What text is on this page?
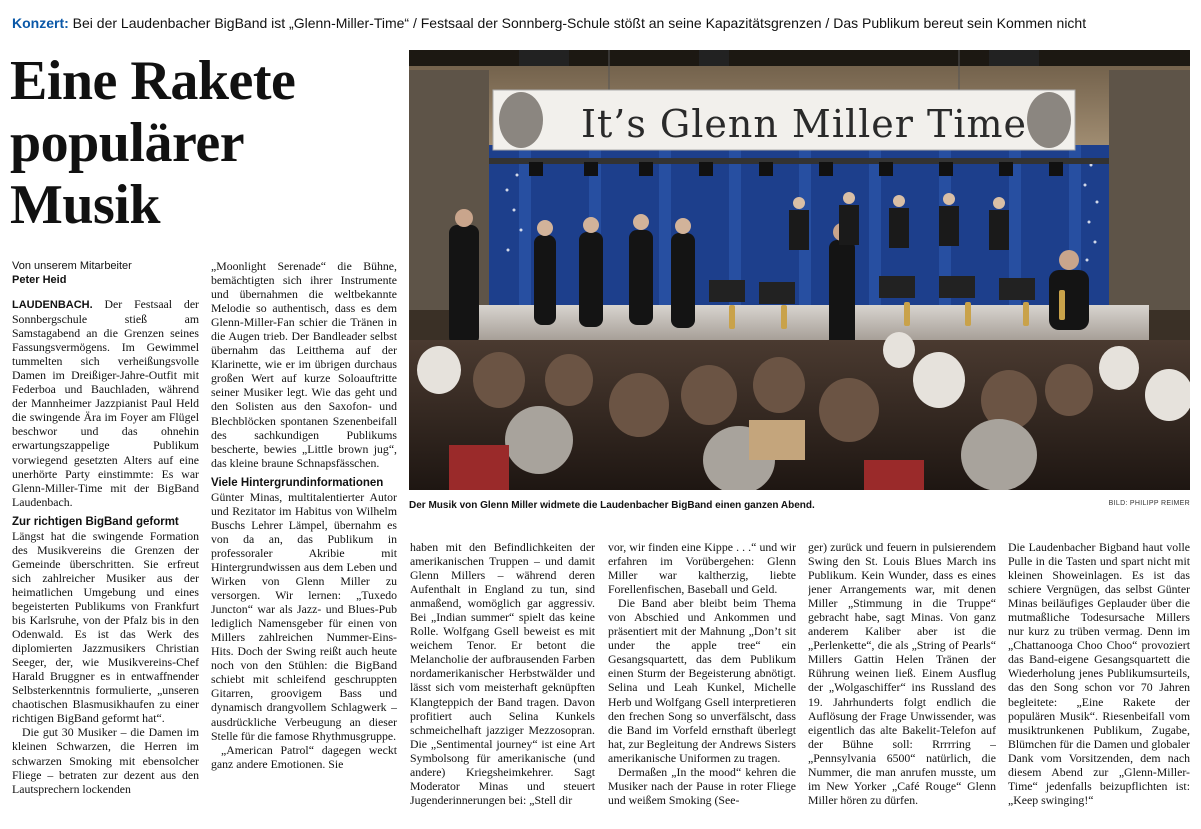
Konzert: Bei der Laudenbacher BigBand ist „Glenn-Miller-Time“ / Festsaal der Sonnberg-Schule stößt an seine Kapazitätsgrenzen / Das Publikum bereut sein Kommen nicht
Eine Rakete
populärer
Musik
Von unserem Mitarbeiter
Peter Heid
It’s Glenn Miller Time
Der Musik von Glenn Miller widmete die Laudenbacher BigBand einen ganzen Abend.	BILD: PHILIPP REIMER

LAUDENBACH. Der Festsaal der Sonnbergschule stieß am Samstagabend an die Grenzen seines Fassungsvermögens. Im Gewimmel tummelten sich verheißungsvolle Damen im Dreißiger-Jahre-Outfit mit Federboa und Bauchladen, während der Mannheimer Jazzpianist Paul Held die swingende Ära im Foyer am Flügel beschwor und das ohnehin erwartungszappelige Publikum vorwiegend gesetzten Alters auf eine unerhörte Party einstimmte: Es war Glenn-Miller-Time mit der BigBand Laudenbach.

Zur richtigen BigBand geformt

Längst hat die swingende Formation des Musikvereins die Grenzen der Gemeinde überschritten. Sie erfreut sich zahlreicher Musiker aus der heimatlichen Umgebung und eines begeisterten Publikums von Frankfurt bis Karlsruhe, von der Pfalz bis in den Odenwald. Es ist das Werk des diplomierten Jazzmusikers Christian Seeger, der, wie Musikvereins-Chef Harald Bruggner es in entwaffnender Selbsterkenntnis formulierte, „unseren chaotischen Blasmusikhaufen zu einer richtigen BigBand geformt hat“.

Die gut 30 Musiker – die Damen im kleinen Schwarzen, die Herren im schwarzen Smoking mit ebensolcher Fliege – betraten zur dezent aus den Lautsprechern lockenden

„Moonlight Serenade“ die Bühne, bemächtigten sich ihrer Instrumente und übernahmen die weltbekannte Melodie so authentisch, dass es dem Glenn-Miller-Fan schier die Tränen in die Augen trieb. Der Bandleader selbst übernahm das Leitthema auf der Klarinette, wie er im übrigen durchaus großen Wert auf kurze Soloauftritte seiner Musiker legt. Wie das geht und den Solisten aus den Saxofon- und Blechblöcken spontanen Szenenbeifall des sachkundigen Publikums bescherte, bewies „Little brown jug“, das kleine braune Schnapsfässchen.

Viele Hintergrundinformationen

Günter Minas, multitalentierter Autor und Rezitator im Habitus von Wilhelm Buschs Lehrer Lämpel, übernahm es von da an, das Publikum in professoraler Akribie mit Hintergrundwissen aus dem Leben und Wirken von Glenn Miller zu versorgen. Wir lernen: „Tuxedo Juncton“ war als Jazz- und Blues-Pub lediglich Namensgeber für einen von Millers zahlreichen Nummer-Eins-Hits. Doch der Swing reißt auch heute noch von den Stühlen: die BigBand schiebt mit schleifend geschruppten Gitarren, groovigem Bass und dynamisch drangvollem Schlagwerk – ausdrückliche Verbeugung an dieser Stelle für die famose Rhythmusgruppe.

„American Patrol“ dagegen weckt ganz andere Emotionen. Sie

haben mit den Befindlichkeiten der amerikanischen Truppen – und damit Glenn Millers – während deren Aufenthalt in England zu tun, sind anmaßend, womöglich gar aggressiv. Bei „Indian summer“ spielt das keine Rolle. Wolfgang Gsell beweist es mit weichem Tenor. Er betont die Melancholie der aufbrausenden Farben nordamerikanischer Herbstwälder und lässt sich vom meisterhaft geknüpften Klangteppich der Band tragen. Davon profitiert auch Selina Kunkels schmeichelhaft jazziger Mezzosopran. Die „Sentimental journey“ ist eine Art Symbolsong für amerikanische (und andere) Kriegsheimkehrer. Sagt Moderator Minas und steuert Jugenderinnerungen bei: „Stell dir

vor, wir finden eine Kippe . . .“ und wir erfahren im Vorübergehen: Glenn Miller war kaltherzig, liebte Forellenfischen, Baseball und Geld.

Die Band aber bleibt beim Thema von Abschied und Ankommen und präsentiert mit der Mahnung „Don’t sit under the apple tree“ ein Gesangsquartett, das dem Publikum einen Sturm der Begeisterung abnötigt. Selina und Leah Kunkel, Michelle Herb und Wolfgang Gsell interpretieren den frechen Song so unverfälscht, dass die Band im Vorfeld ernsthaft überlegt hat, zur Begleitung der Andrews Sisters amerikanische Uniformen zu tragen.

Dermaßen „In the mood“ kehren die Musiker nach der Pause in roter Fliege und weißem Smoking (See-

ger) zurück und feuern in pulsierendem Swing den St. Louis Blues March ins Publikum. Kein Wunder, dass es eines jener Arrangements war, mit denen Miller „Stimmung in die Truppe“ gebracht habe, sagt Minas. Von ganz anderem Kaliber aber ist die „Perlenkette“, die als „String of Pearls“ Millers Gattin Helen Tränen der Rührung weinen ließ. Einem Ausflug der „Wolgaschiffer“ ins Russland des 19. Jahrhunderts folgt endlich die Auflösung der Frage Unwissender, was eigentlich das alte Bakelit-Telefon auf der Bühne soll: Rrrrring – „Pennsylvania 6500“ natürlich, die Nummer, die man anrufen musste, um im New Yorker „Café Rouge“ Glenn Miller hören zu dürfen.

Die Laudenbacher Bigband haut volle Pulle in die Tasten und spart nicht mit kleinen Showeinlagen. Es ist das schiere Vergnügen, das selbst Günter Minas beiläufiges Geplauder über die mutmaßliche Todesursache Millers nur kurz zu trüben vermag. Denn im „Chattanooga Choo Choo“ provoziert das Band-eigene Gesangsquartett die Wiederholung jenes Publikumsurteils, das den Song schon vor 70 Jahren begleitete: „Eine Rakete der populären Musik“. Riesenbeifall vom musiktrunkenen Publikum, Zugabe, Blümchen für die Damen und globaler Dank vom Vorsitzenden, dem nach diesem Abend zur „Glenn-Miller-Time“ jedenfalls beizupflichten ist: „Keep swinging!“
